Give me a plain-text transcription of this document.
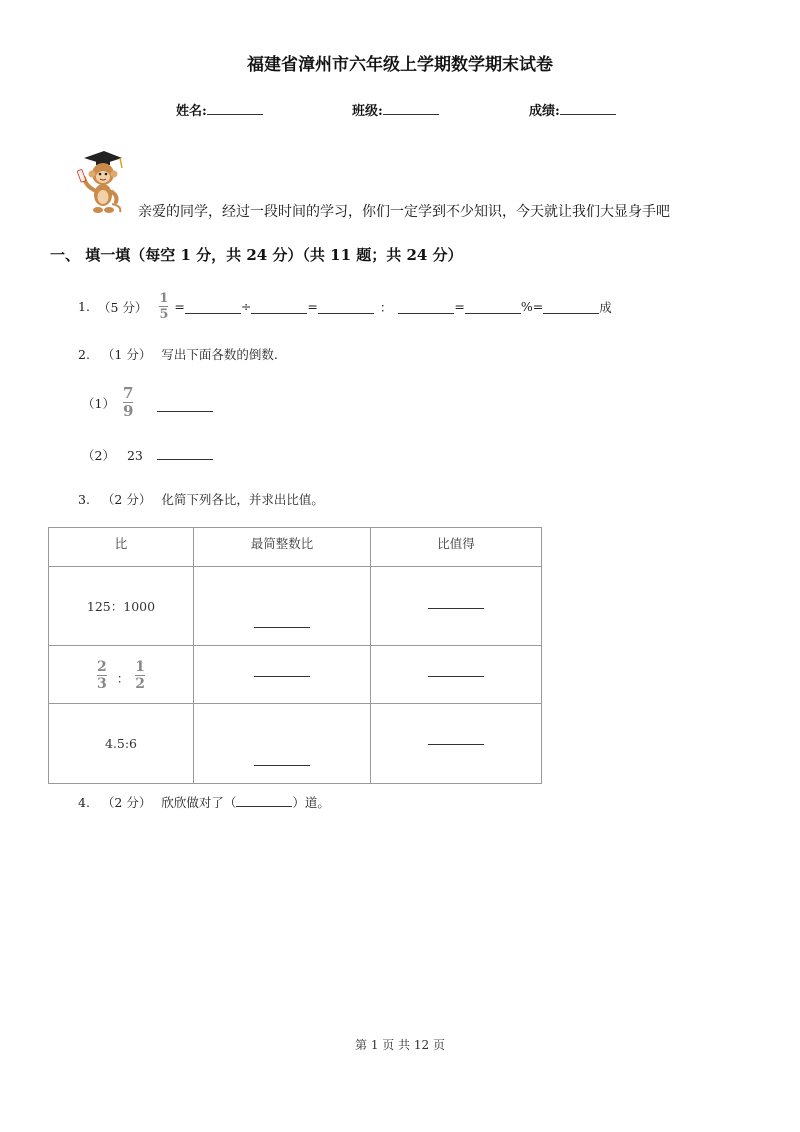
福建省漳州市六年级上学期数学期末试卷
姓名:	班级:	成绩:
亲爱的同学，经过一段时间的学习，你们一定学到不少知识，今天就让我们大显身手吧
一、 填一填（每空 1 分，共 24 分）（共 11 题；共 24 分）
1. （5 分） $\frac{1}{5}$ =	÷	=	：	=	%=	成
2. （1 分） 写出下面各数的倒数.
$(1) \frac{7}{9}$
（2） 23
3. （2 分） 化简下列各比，并求出比值。
比	最简整数比	比值得
125：1000	

$\frac{2}{3}$ ： $\frac{1}{2}$

4.5:6	

4. （2 分） 欣欣做对了（	）道。
第 1 页 共 12 页
